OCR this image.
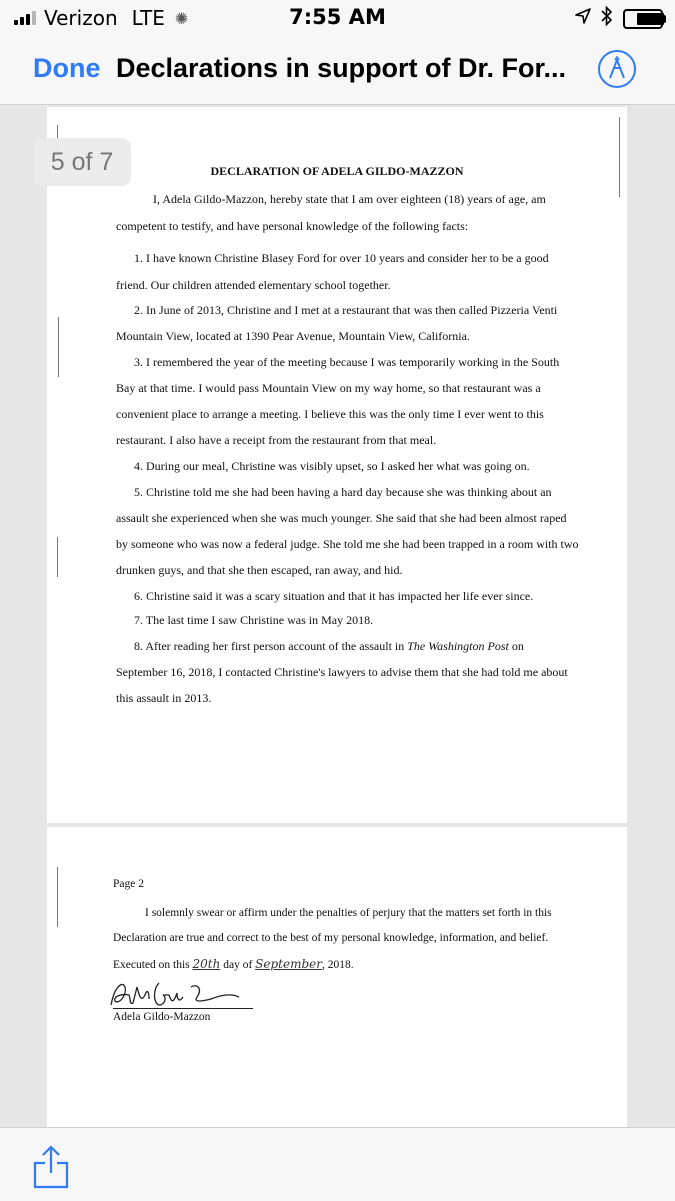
Verizon LTE ✺	7:55 AM
Done Declarations in support of Dr. For...
5 of 7	DECLARATION OF ADELA GILDO-MAZZON
I, Adela Gildo-Mazzon, hereby state that I am over eighteen (18) years of age, am
competent to testify, and have personal knowledge of the following facts:
1. I have known Christine Blasey Ford for over 10 years and consider her to be a good
friend. Our children attended elementary school together.
2. In June of 2013, Christine and I met at a restaurant that was then called Pizzeria Venti
Mountain View, located at 1390 Pear Avenue, Mountain View, California.
3. I remembered the year of the meeting because I was temporarily working in the South
Bay at that time. I would pass Mountain View on my way home, so that restaurant was a
convenient place to arrange a meeting. I believe this was the only time I ever went to this
restaurant. I also have a receipt from the restaurant from that meal.
4. During our meal, Christine was visibly upset, so I asked her what was going on.
5. Christine told me she had been having a hard day because she was thinking about an
assault she experienced when she was much younger. She said that she had been almost raped
by someone who was now a federal judge. She told me she had been trapped in a room with two
drunken guys, and that she then escaped, ran away, and hid.
6. Christine said it was a scary situation and that it has impacted her life ever since.
7. The last time I saw Christine was in May 2018.
8. After reading her first person account of the assault in The Washington Post on
September 16, 2018, I contacted Christine's lawyers to advise them that she had told me about
this assault in 2013.
Page 2
I solemnly swear or affirm under the penalties of perjury that the matters set forth in this
Declaration are true and correct to the best of my personal knowledge, information, and belief.
Executed on this 20th day of September, 2018.
Adela Gildo-Mazzon
